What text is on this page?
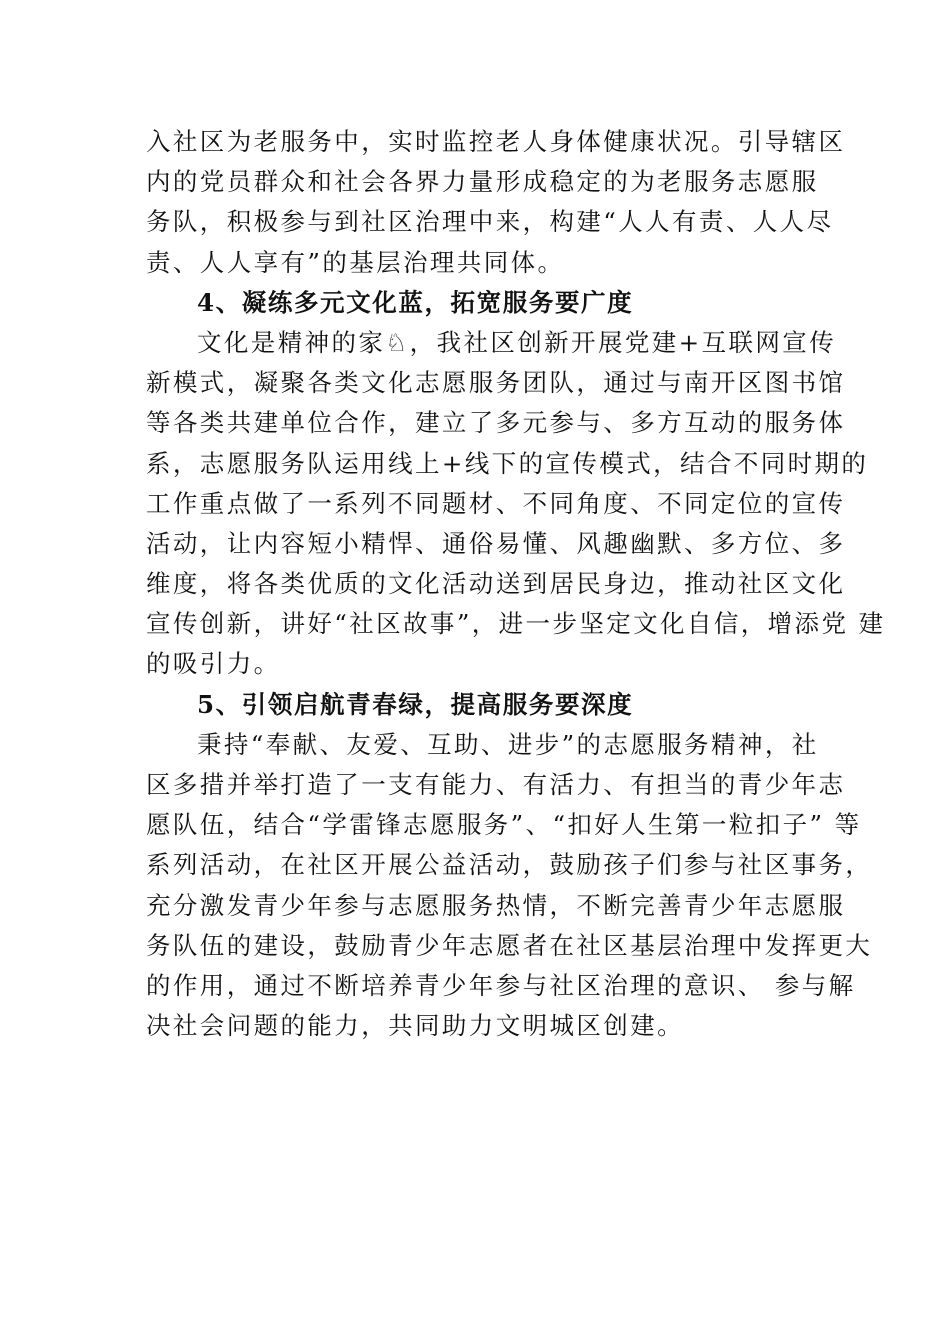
入社区为老服务中，实时监控老人身体健康状况。引导辖区
内的党员群众和社会各界力量形成稳定的为老服务志愿服
务队，积极参与到社区治理中来，构建“人人有责、人人尽
责、人人享有”的基层治理共同体。
4、凝练多元文化蓝，拓宽服务要广度
文化是精神的家♘，我社区创新开展党建+互联网宣传
新模式，凝聚各类文化志愿服务团队，通过与南开区图书馆
等各类共建单位合作，建立了多元参与、多方互动的服务体
系，志愿服务队运用线上+线下的宣传模式，结合不同时期的
工作重点做了一系列不同题材、不同角度、不同定位的宣传
活动，让内容短小精悍、通俗易懂、风趣幽默、多方位、多
维度，将各类优质的文化活动送到居民身边，推动社区文化
宣传创新，讲好“社区故事”，进一步坚定文化自信，增添党 建
的吸引力。
5、引领启航青春绿，提高服务要深度
秉持“奉献、友爱、互助、进步”的志愿服务精神，社
区多措并举打造了一支有能力、有活力、有担当的青少年志
愿队伍，结合“学雷锋志愿服务”、“扣好人生第一粒扣子” 等
系列活动，在社区开展公益活动，鼓励孩子们参与社区事务，
充分激发青少年参与志愿服务热情，不断完善青少年志愿服
务队伍的建设，鼓励青少年志愿者在社区基层治理中发挥更大
的作用，通过不断培养青少年参与社区治理的意识、 参与解
决社会问题的能力，共同助力文明城区创建。
